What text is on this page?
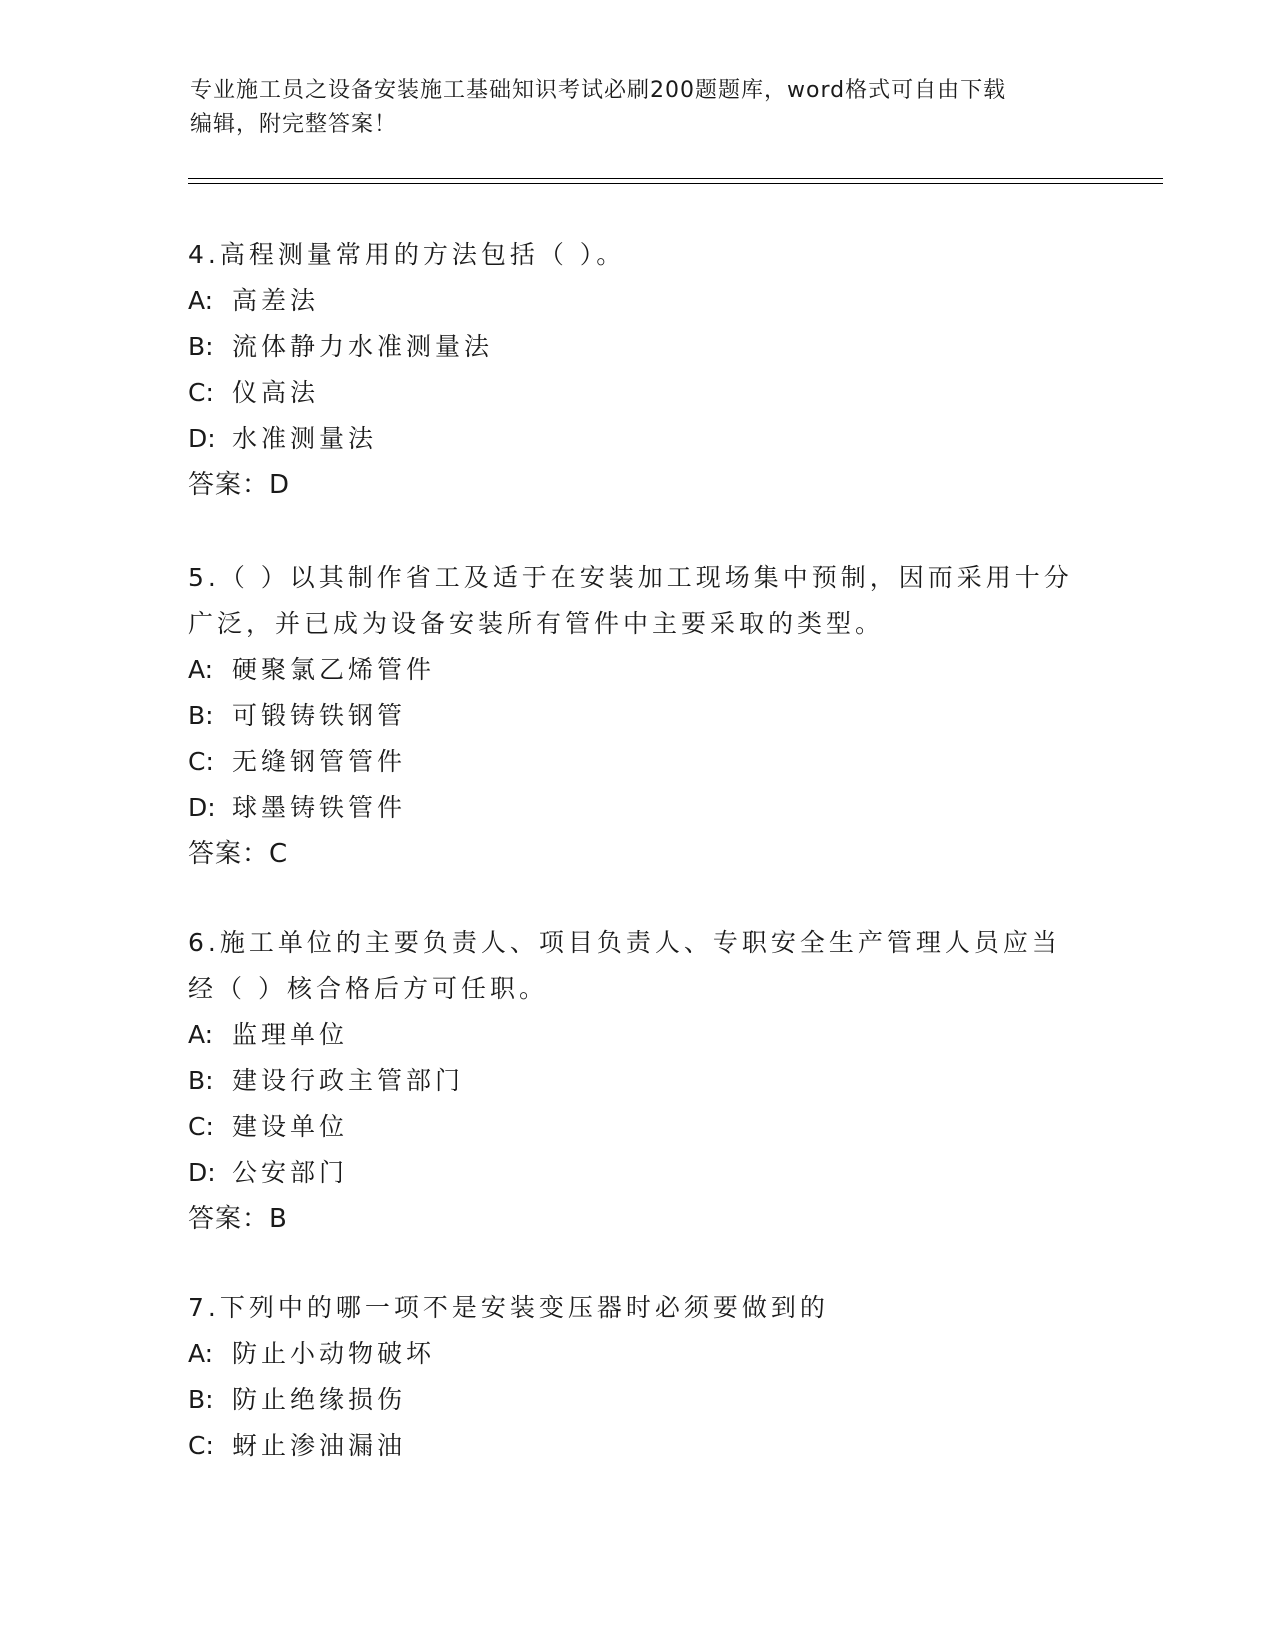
专业施工员之设备安装施工基础知识考试必刷200题题库，word格式可自由下载
编辑，附完整答案！
4.高程测量常用的方法包括（ ）。
A: 高差法
B: 流体静力水准测量法
C: 仪高法
D: 水准测量法
答案：D
5.（ ）以其制作省工及适于在安装加工现场集中预制，因而采用十分广泛，并已成为设备安装所有管件中主要采取的类型。
A: 硬聚氯乙烯管件
B: 可锻铸铁钢管
C: 无缝钢管管件
D: 球墨铸铁管件
答案：C
6.施工单位的主要负责人、项目负责人、专职安全生产管理人员应当经（ ）核合格后方可任职。
A: 监理单位
B: 建设行政主管部门
C: 建设单位
D: 公安部门
答案：B
7.下列中的哪一项不是安装变压器时必须要做到的
A: 防止小动物破坏
B: 防止绝缘损伤
C: 蚜止渗油漏油
